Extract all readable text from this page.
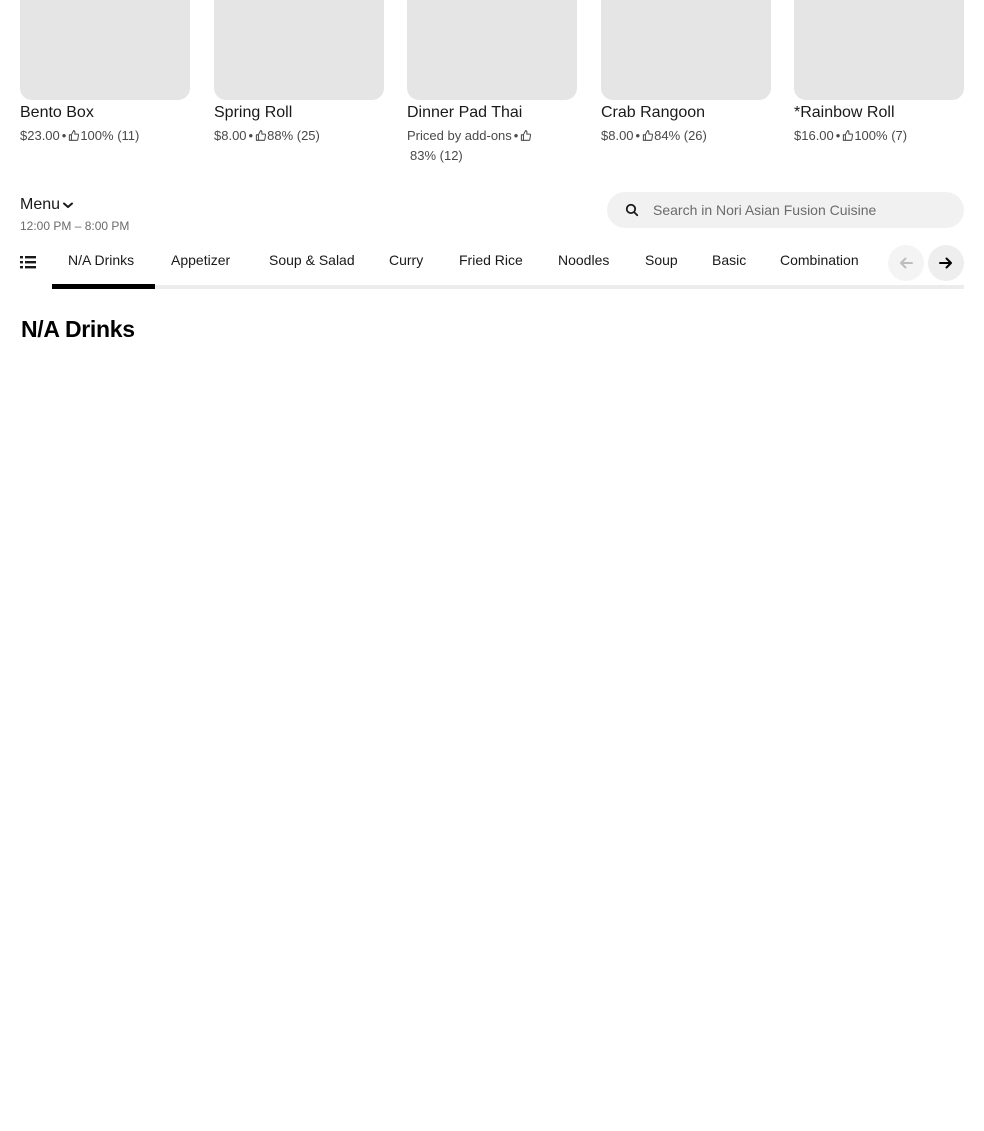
Bento Box
$23.00 • 100% (11)
Spring Roll
$8.00 • 88% (25)
Dinner Pad Thai
Priced by add-ons •
83% (12)
Crab Rangoon
$8.00 • 84% (26)
*Rainbow Roll
$16.00 • 100% (7)
Menu
12:00 PM – 8:00 PM
Search in Nori Asian Fusion Cuisine
N/A Drinks	Appetizer	Soup & Salad Curry	Fried Rice	Noodles	Soup Basic Combination
N/A Drinks
